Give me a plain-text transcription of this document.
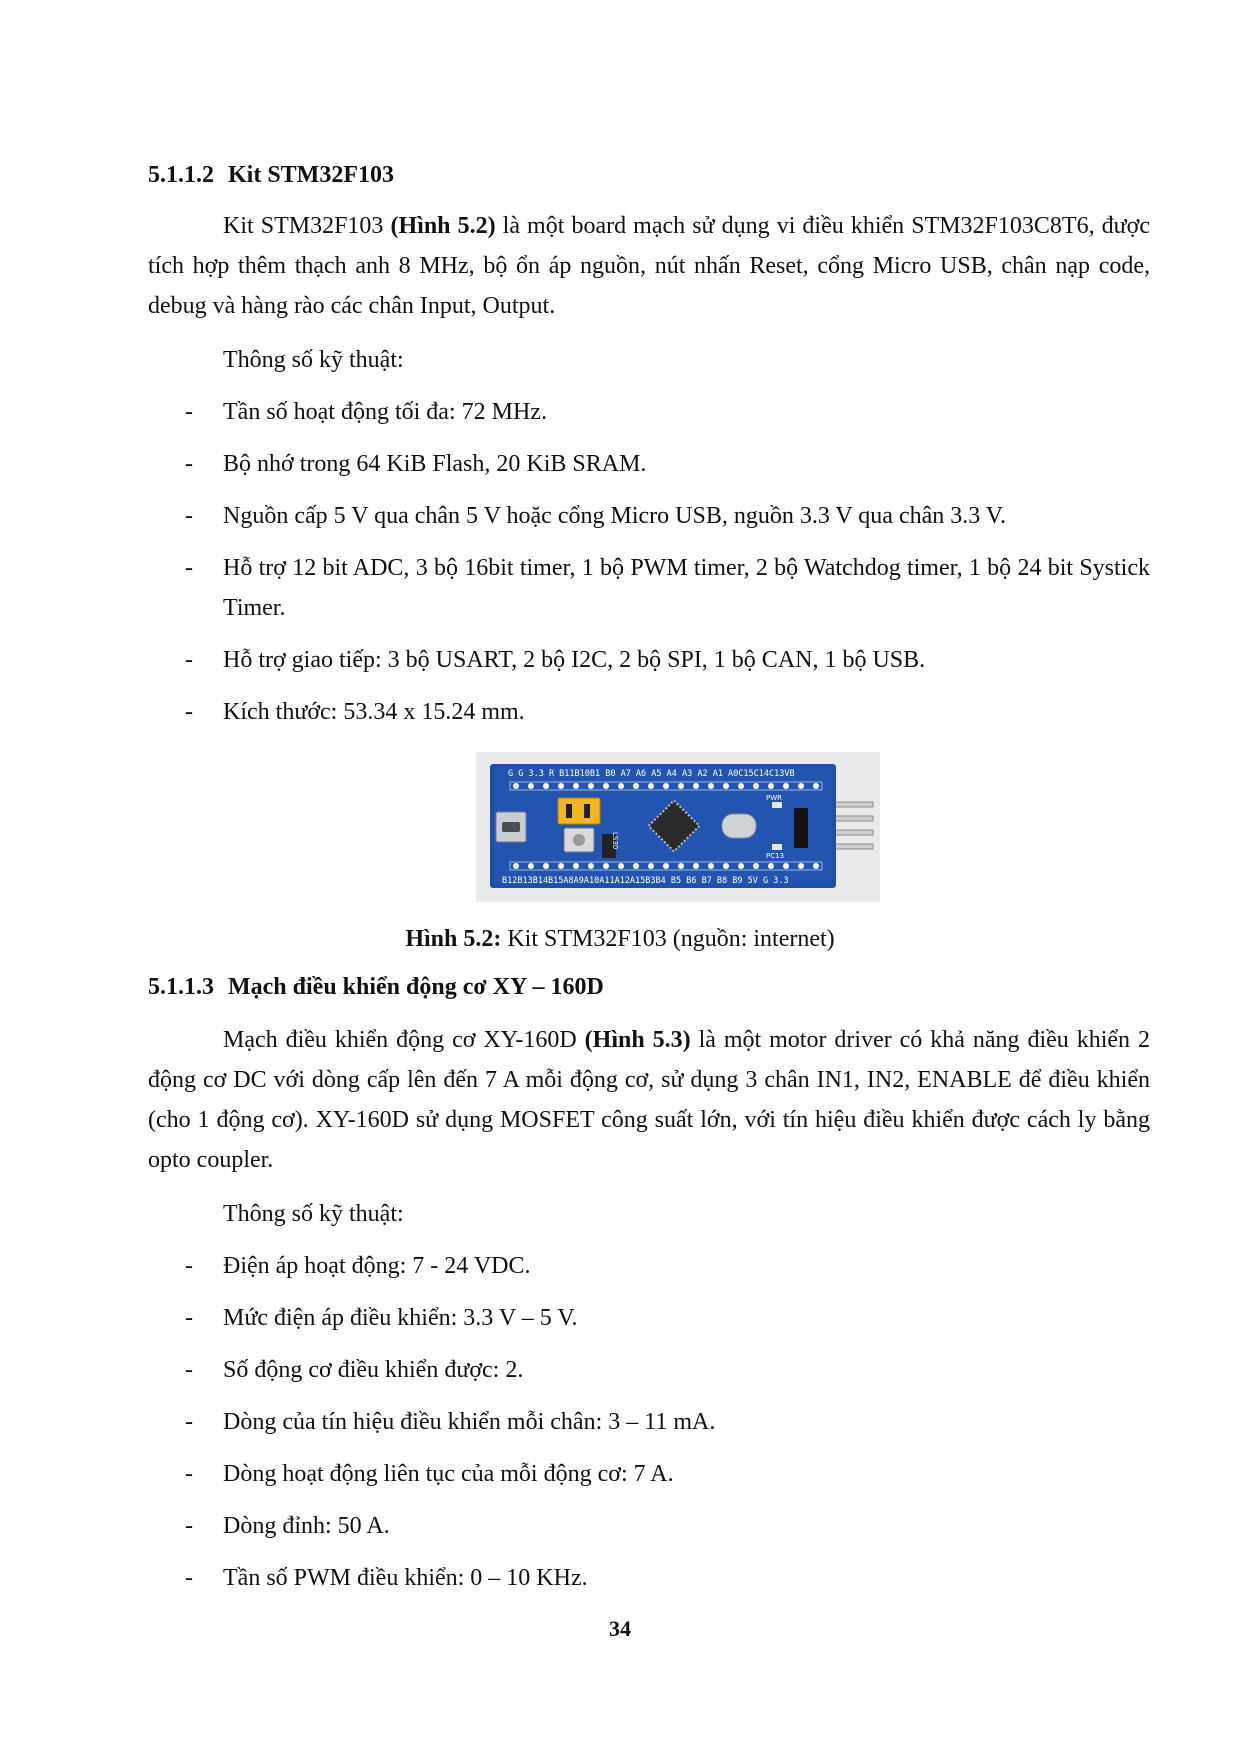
5.1.1.2 Kit STM32F103

Kit STM32F103 (Hình 5.2) là một board mạch sử dụng vi điều khiển STM32F103C8T6, được tích hợp thêm thạch anh 8 MHz, bộ ổn áp nguồn, nút nhấn Reset, cổng Micro USB, chân nạp code, debug và hàng rào các chân Input, Output.

Thông số kỹ thuật:
- Tần số hoạt động tối đa: 72 MHz.
- Bộ nhớ trong 64 KiB Flash, 20 KiB SRAM.
- Nguồn cấp 5 V qua chân 5 V hoặc cổng Micro USB, nguồn 3.3 V qua chân 3.3 V.
- Hỗ trợ 12 bit ADC, 3 bộ 16bit timer, 1 bộ PWM timer, 2 bộ Watchdog timer, 1 bộ 24 bit Systick Timer.
- Hỗ trợ giao tiếp: 3 bộ USART, 2 bộ I2C, 2 bộ SPI, 1 bộ CAN, 1 bộ USB.
- Kích thước: 53.34 x 15.24 mm.
G G 3.3 R B11B10B1 B0 A7 A6 A5 A4 A3 A2 A1 A0C15C14C13VB
B12B13B14B15A8A9A10A11A12A15B3B4 B5 B6 B7 B8 B9 5V G 3.3
LS30
PWR
PC13
Hình 5.2: Kit STM32F103 (nguồn: internet)
5.1.1.3 Mạch điều khiển động cơ XY – 160D

Mạch điều khiển động cơ XY-160D (Hình 5.3) là một motor driver có khả năng điều khiển 2 động cơ DC với dòng cấp lên đến 7 A mỗi động cơ, sử dụng 3 chân IN1, IN2, ENABLE để điều khiển (cho 1 động cơ). XY-160D sử dụng MOSFET công suất lớn, với tín hiệu điều khiển được cách ly bằng opto coupler.

Thông số kỹ thuật:
- Điện áp hoạt động: 7 - 24 VDC.
- Mức điện áp điều khiển: 3.3 V – 5 V.
- Số động cơ điều khiển được: 2.
- Dòng của tín hiệu điều khiển mỗi chân: 3 – 11 mA.
- Dòng hoạt động liên tục của mỗi động cơ: 7 A.
- Dòng đỉnh: 50 A.
- Tần số PWM điều khiển: 0 – 10 KHz.
34
